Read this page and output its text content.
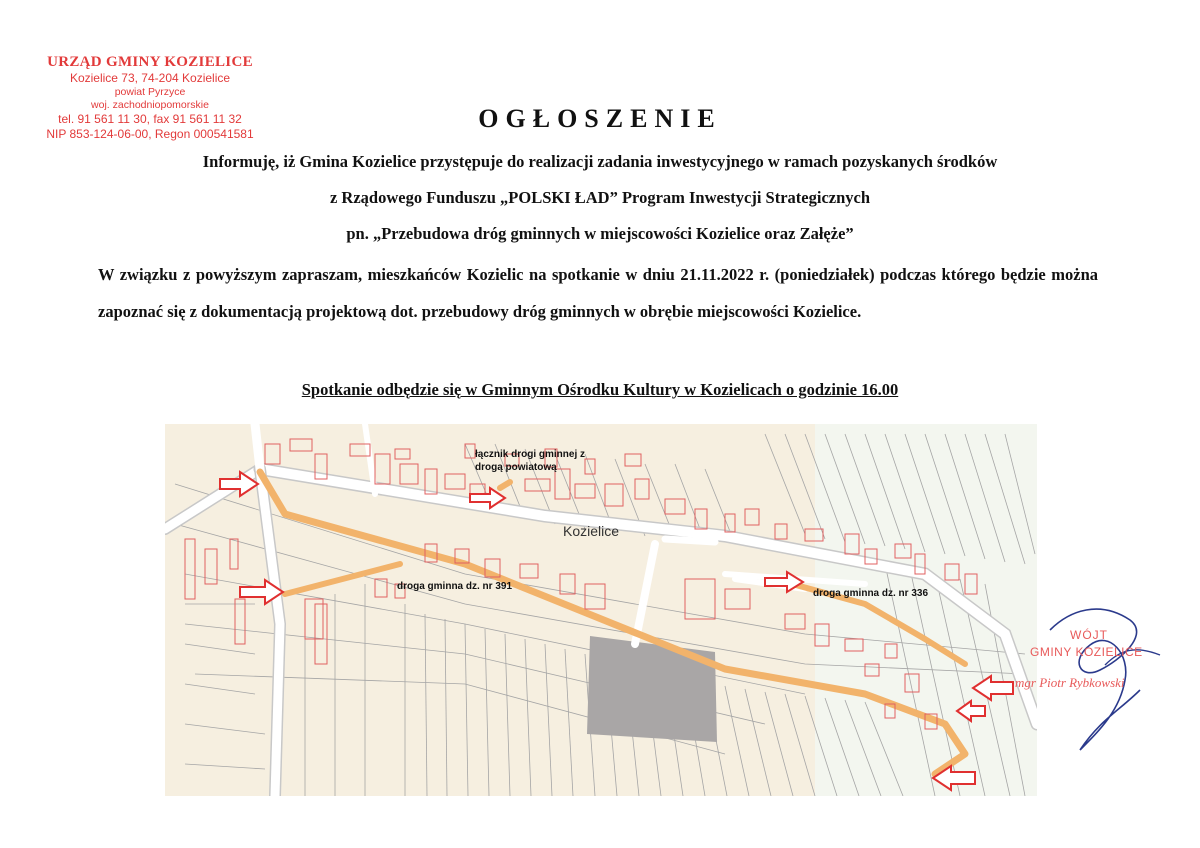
URZĄD GMINY KOZIELICE
Kozielice 73, 74-204 Kozielice
powiat Pyrzyce
woj. zachodniopomorskie
tel. 91 561 11 30, fax 91 561 11 32
NIP 853-124-06-00, Regon 000541581
OGŁOSZENIE
Informuję, iż Gmina Kozielice przystępuje do realizacji zadania inwestycyjnego w ramach pozyskanych środków
z Rządowego Funduszu „POLSKI ŁAD” Program Inwestycji Strategicznych
pn. „Przebudowa dróg gminnych w miejscowości Kozielice oraz Załęże”
W związku z powyższym zapraszam, mieszkańców Kozielic na spotkanie w dniu 21.11.2022 r. (poniedziałek) podczas którego będzie można zapoznać się z dokumentacją projektową dot. przebudowy dróg gminnych w obrębie miejscowości Kozielice.
Spotkanie odbędzie się w Gminnym Ośrodku Kultury w Kozielicach o godzinie 16.00
łącznik drogi gminnej z
drogą powiatową
Kozielice
droga gminna dz. nr 391
droga gminna dz. nr 336
WÓJT
GMINY KOZIELICE
mgr Piotr Rybkowski
